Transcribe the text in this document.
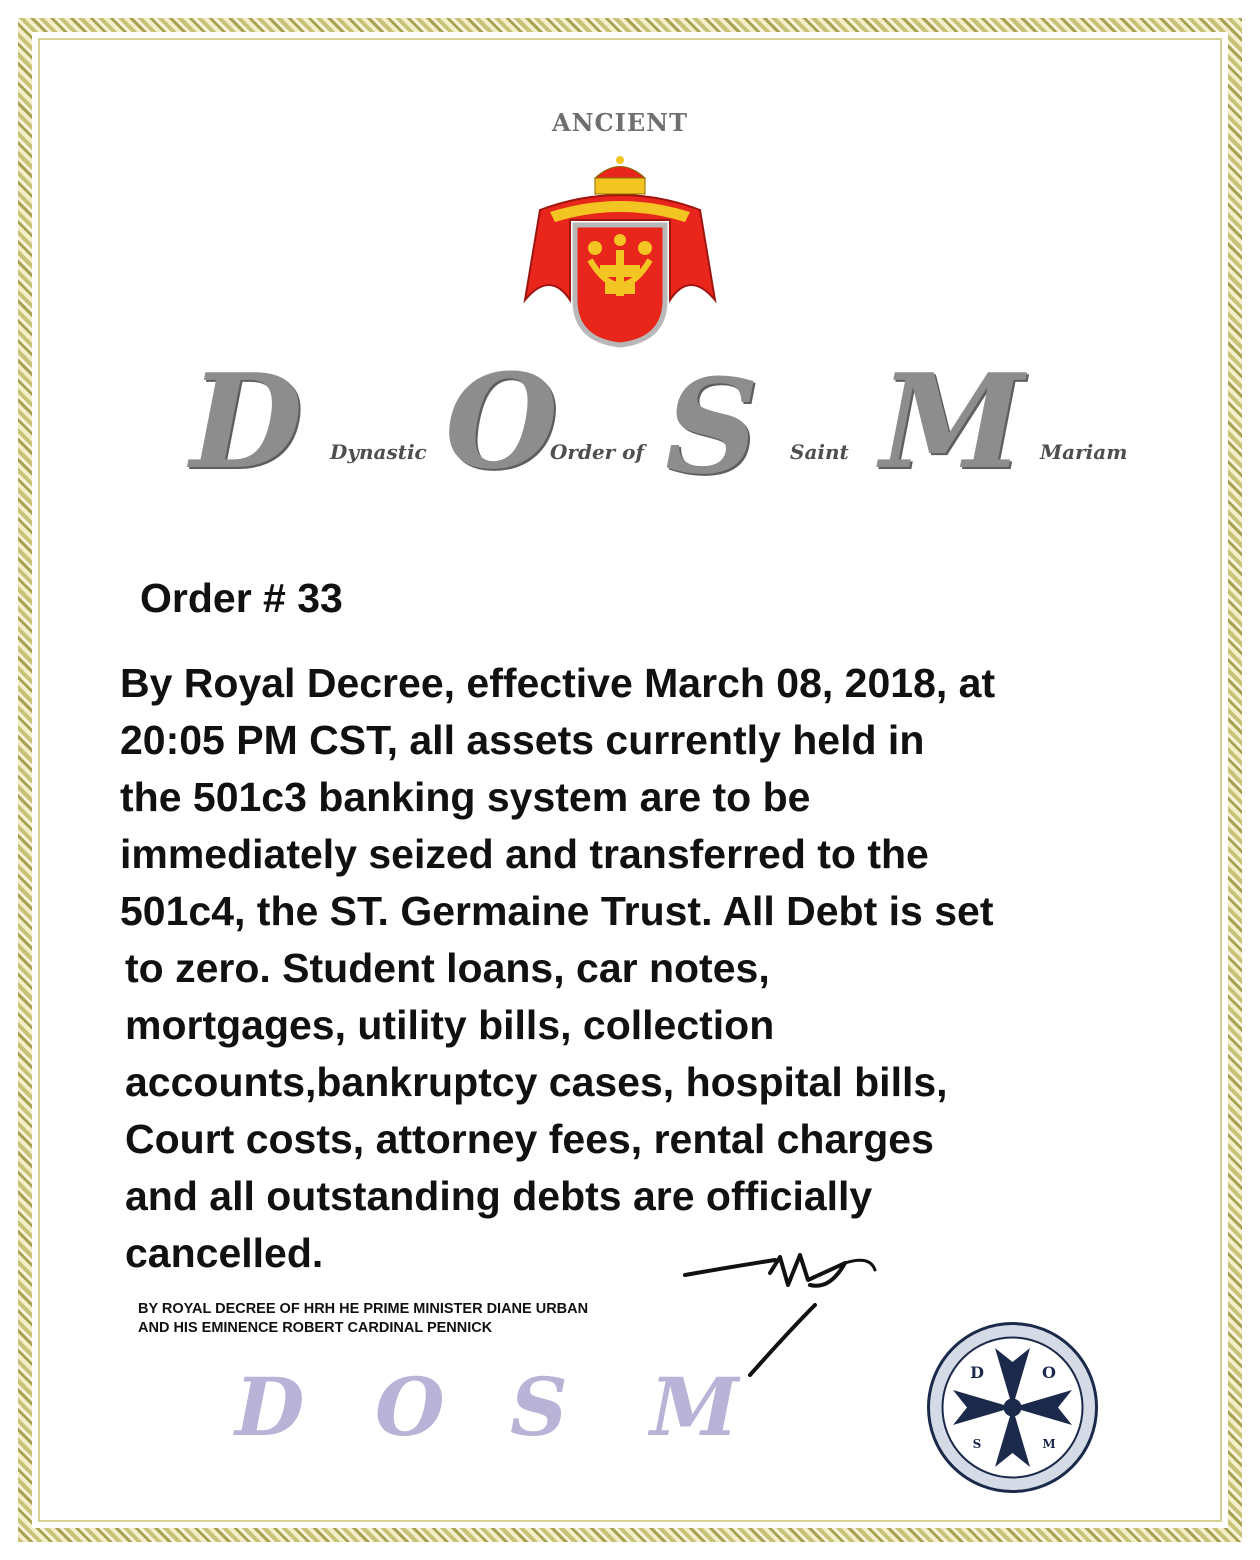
ANCIENT
D Dynastic O
Order of S Saint M Mariam
Order # 33
By Royal Decree, effective March 08, 2018, at
20:05 PM CST, all assets currently held in
the 501c3 banking system are to be
immediately seized and transferred to the
501c4, the ST. Germaine Trust. All Debt is set
to zero. Student loans, car notes,
mortgages, utility bills, collection
accounts,bankruptcy cases, hospital bills,
Court costs, attorney fees, rental charges
and all outstanding debts are officially
cancelled.
BY ROYAL DECREE OF HRH HE PRIME MINISTER DIANE URBAN
AND HIS EMINENCE ROBERT CARDINAL PENNICK
D O S M	D	O
S	M
